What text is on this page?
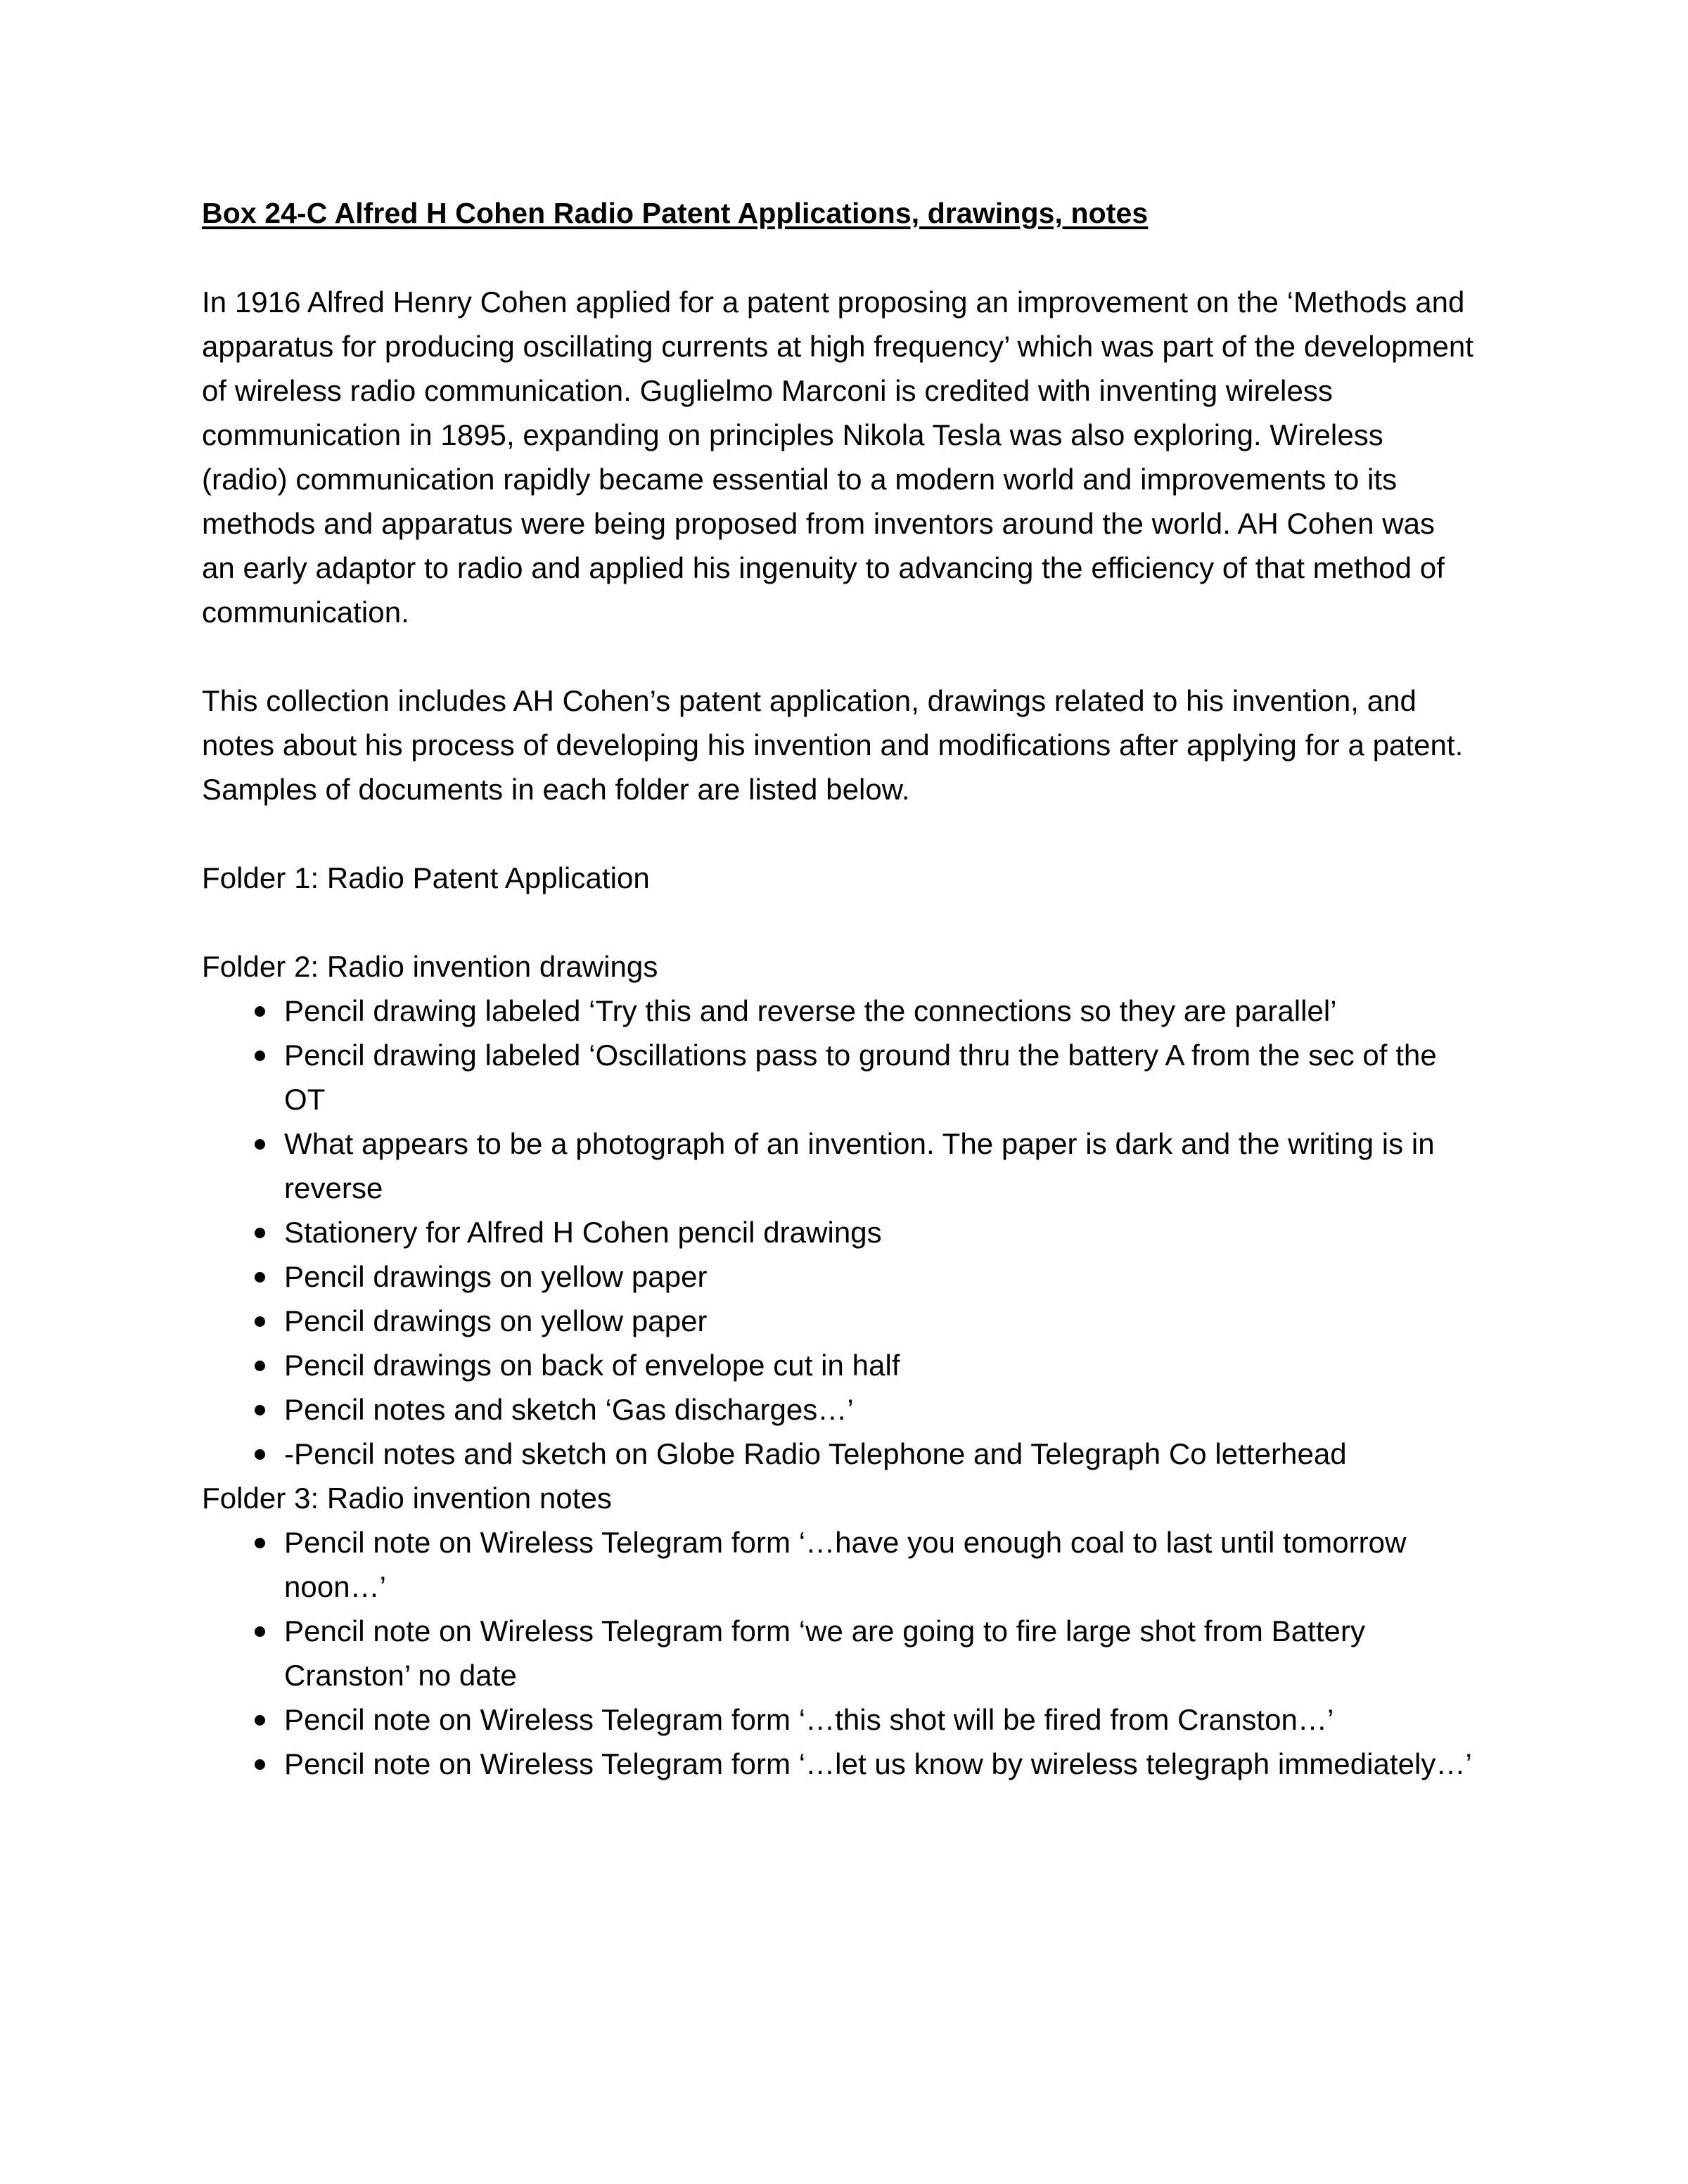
Box 24-C Alfred H Cohen Radio Patent Applications, drawings, notes

In 1916 Alfred Henry Cohen applied for a patent proposing an improvement on the ‘Methods and apparatus for producing oscillating currents at high frequency’ which was part of the development of wireless radio communication. Guglielmo Marconi is credited with inventing wireless communication in 1895, expanding on principles Nikola Tesla was also exploring. Wireless (radio) communication rapidly became essential to a modern world and improvements to its methods and apparatus were being proposed from inventors around the world. AH Cohen was an early adaptor to radio and applied his ingenuity to advancing the efficiency of that method of communication.

This collection includes AH Cohen’s patent application, drawings related to his invention, and notes about his process of developing his invention and modifications after applying for a patent.

Samples of documents in each folder are listed below.

Folder 1: Radio Patent Application
Folder 2: Radio invention drawings
Pencil drawing labeled ‘Try this and reverse the connections so they are parallel’
Pencil drawing labeled ‘Oscillations pass to ground thru the battery A from the sec of the OT
What appears to be a photograph of an invention. The paper is dark and the writing is in reverse
Stationery for Alfred H Cohen pencil drawings
Pencil drawings on yellow paper
Pencil drawings on yellow paper
Pencil drawings on back of envelope cut in half
Pencil notes and sketch ‘Gas discharges…’
-Pencil notes and sketch on Globe Radio Telephone and Telegraph Co letterhead
Folder 3: Radio invention notes
Pencil note on Wireless Telegram form ‘…have you enough coal to last until tomorrow noon…’
Pencil note on Wireless Telegram form ‘we are going to fire large shot from Battery Cranston’ no date
Pencil note on Wireless Telegram form ‘…this shot will be fired from Cranston…’
Pencil note on Wireless Telegram form ‘…let us know by wireless telegraph immediately…’
